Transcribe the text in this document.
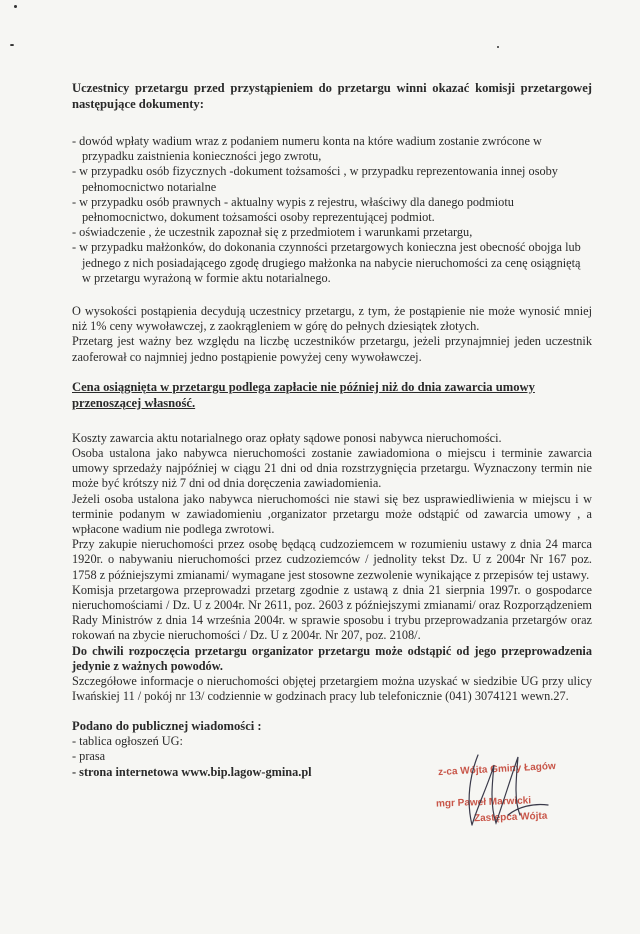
Uczestnicy przetargu przed przystąpieniem do przetargu winni okazać komisji przetargowej następujące dokumenty:

- dowód wpłaty wadium wraz z podaniem numeru konta na które wadium zostanie zwrócone w przypadku zaistnienia konieczności jego zwrotu,
- w przypadku osób fizycznych -dokument tożsamości , w przypadku reprezentowania innej osoby pełnomocnictwo notarialne
- w przypadku osób prawnych - aktualny wypis z rejestru, właściwy dla danego podmiotu pełnomocnictwo, dokument tożsamości osoby reprezentującej podmiot.
- oświadczenie , że uczestnik zapoznał się z przedmiotem i warunkami przetargu,
- w przypadku małżonków, do dokonania czynności przetargowych konieczna jest obecność obojga lub jednego z nich posiadającego zgodę drugiego małżonka na nabycie nieruchomości za cenę osiągniętą w przetargu wyrażoną w formie aktu notarialnego.

O wysokości postąpienia decydują uczestnicy przetargu, z tym, że postąpienie nie może wynosić mniej niż 1% ceny wywoławczej, z zaokrągleniem w górę do pełnych dziesiątek złotych.

Przetarg jest ważny bez względu na liczbę uczestników przetargu, jeżeli przynajmniej jeden uczestnik zaoferował co najmniej jedno postąpienie powyżej ceny wywoławczej.

Cena osiągnięta w przetargu podlega zapłacie nie później niż do dnia zawarcia umowy przenoszącej własność.

Koszty zawarcia aktu notarialnego oraz opłaty sądowe ponosi nabywca nieruchomości.

Osoba ustalona jako nabywca nieruchomości zostanie zawiadomiona o miejscu i terminie zawarcia umowy sprzedaży najpóźniej w ciągu 21 dni od dnia rozstrzygnięcia przetargu. Wyznaczony termin nie może być krótszy niż 7 dni od dnia doręczenia zawiadomienia.

Jeżeli osoba ustalona jako nabywca nieruchomości nie stawi się bez usprawiedliwienia w miejscu i w terminie podanym w zawiadomieniu ,organizator przetargu może odstąpić od zawarcia umowy , a wpłacone wadium nie podlega zwrotowi.

Przy zakupie nieruchomości przez osobę będącą cudzoziemcem w rozumieniu ustawy z dnia 24 marca 1920r. o nabywaniu nieruchomości przez cudzoziemców / jednolity tekst Dz. U z 2004r Nr 167 poz. 1758 z późniejszymi zmianami/ wymagane jest stosowne zezwolenie wynikające z przepisów tej ustawy.

Komisja przetargowa przeprowadzi przetarg zgodnie z ustawą z dnia 21 sierpnia 1997r. o gospodarce nieruchomościami / Dz. U z 2004r. Nr 2611, poz. 2603 z późniejszymi zmianami/ oraz Rozporządzeniem Rady Ministrów z dnia 14 września 2004r. w sprawie sposobu i trybu przeprowadzania przetargów oraz rokowań na zbycie nieruchomości / Dz. U z 2004r. Nr 207, poz. 2108/.

Do chwili rozpoczęcia przetargu organizator przetargu może odstąpić od jego przeprowadzenia jedynie z ważnych powodów.

Szczegółowe informacje o nieruchomości objętej przetargiem można uzyskać w siedzibie UG przy ulicy Iwańskiej 11 / pokój nr 13/ codziennie w godzinach pracy lub telefonicznie (041) 3074121 wewn.27.

Podano do publicznej wiadomości :

- tablica ogłoszeń UG:
- prasa
- strona internetowa www.bip.lagow-gmina.pl	z-ca Wójta Gminy Łagów
mgr Paweł Marwicki
Zastępca Wójta
